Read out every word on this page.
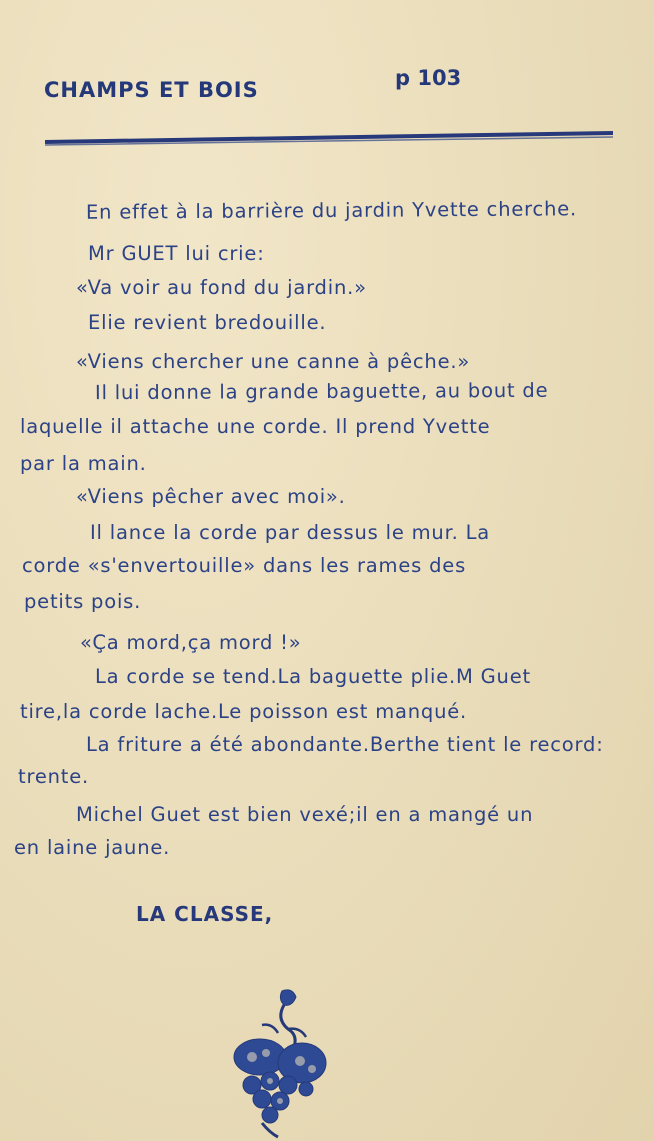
CHAMPS ET BOIS	p 103
En effet à la barrière du jardin Yvette cherche.
Mr GUET lui crie:
«Va voir au fond du jardin.»
Elie revient bredouille.
«Viens chercher une canne à pêche.»
Il lui donne la grande baguette, au bout de
laquelle il attache une corde. Il prend Yvette
par la main.
«Viens pêcher avec moi».
Il lance la corde par dessus le mur. La
corde «s'envertouille» dans les rames des
petits pois.
«Ça mord,ça mord !»
La corde se tend.La baguette plie.M Guet
tire,la corde lache.Le poisson est manqué.
La friture a été abondante.Berthe tient le record:
trente.
Michel Guet est bien vexé;il en a mangé un
en laine jaune.
LA CLASSE,
